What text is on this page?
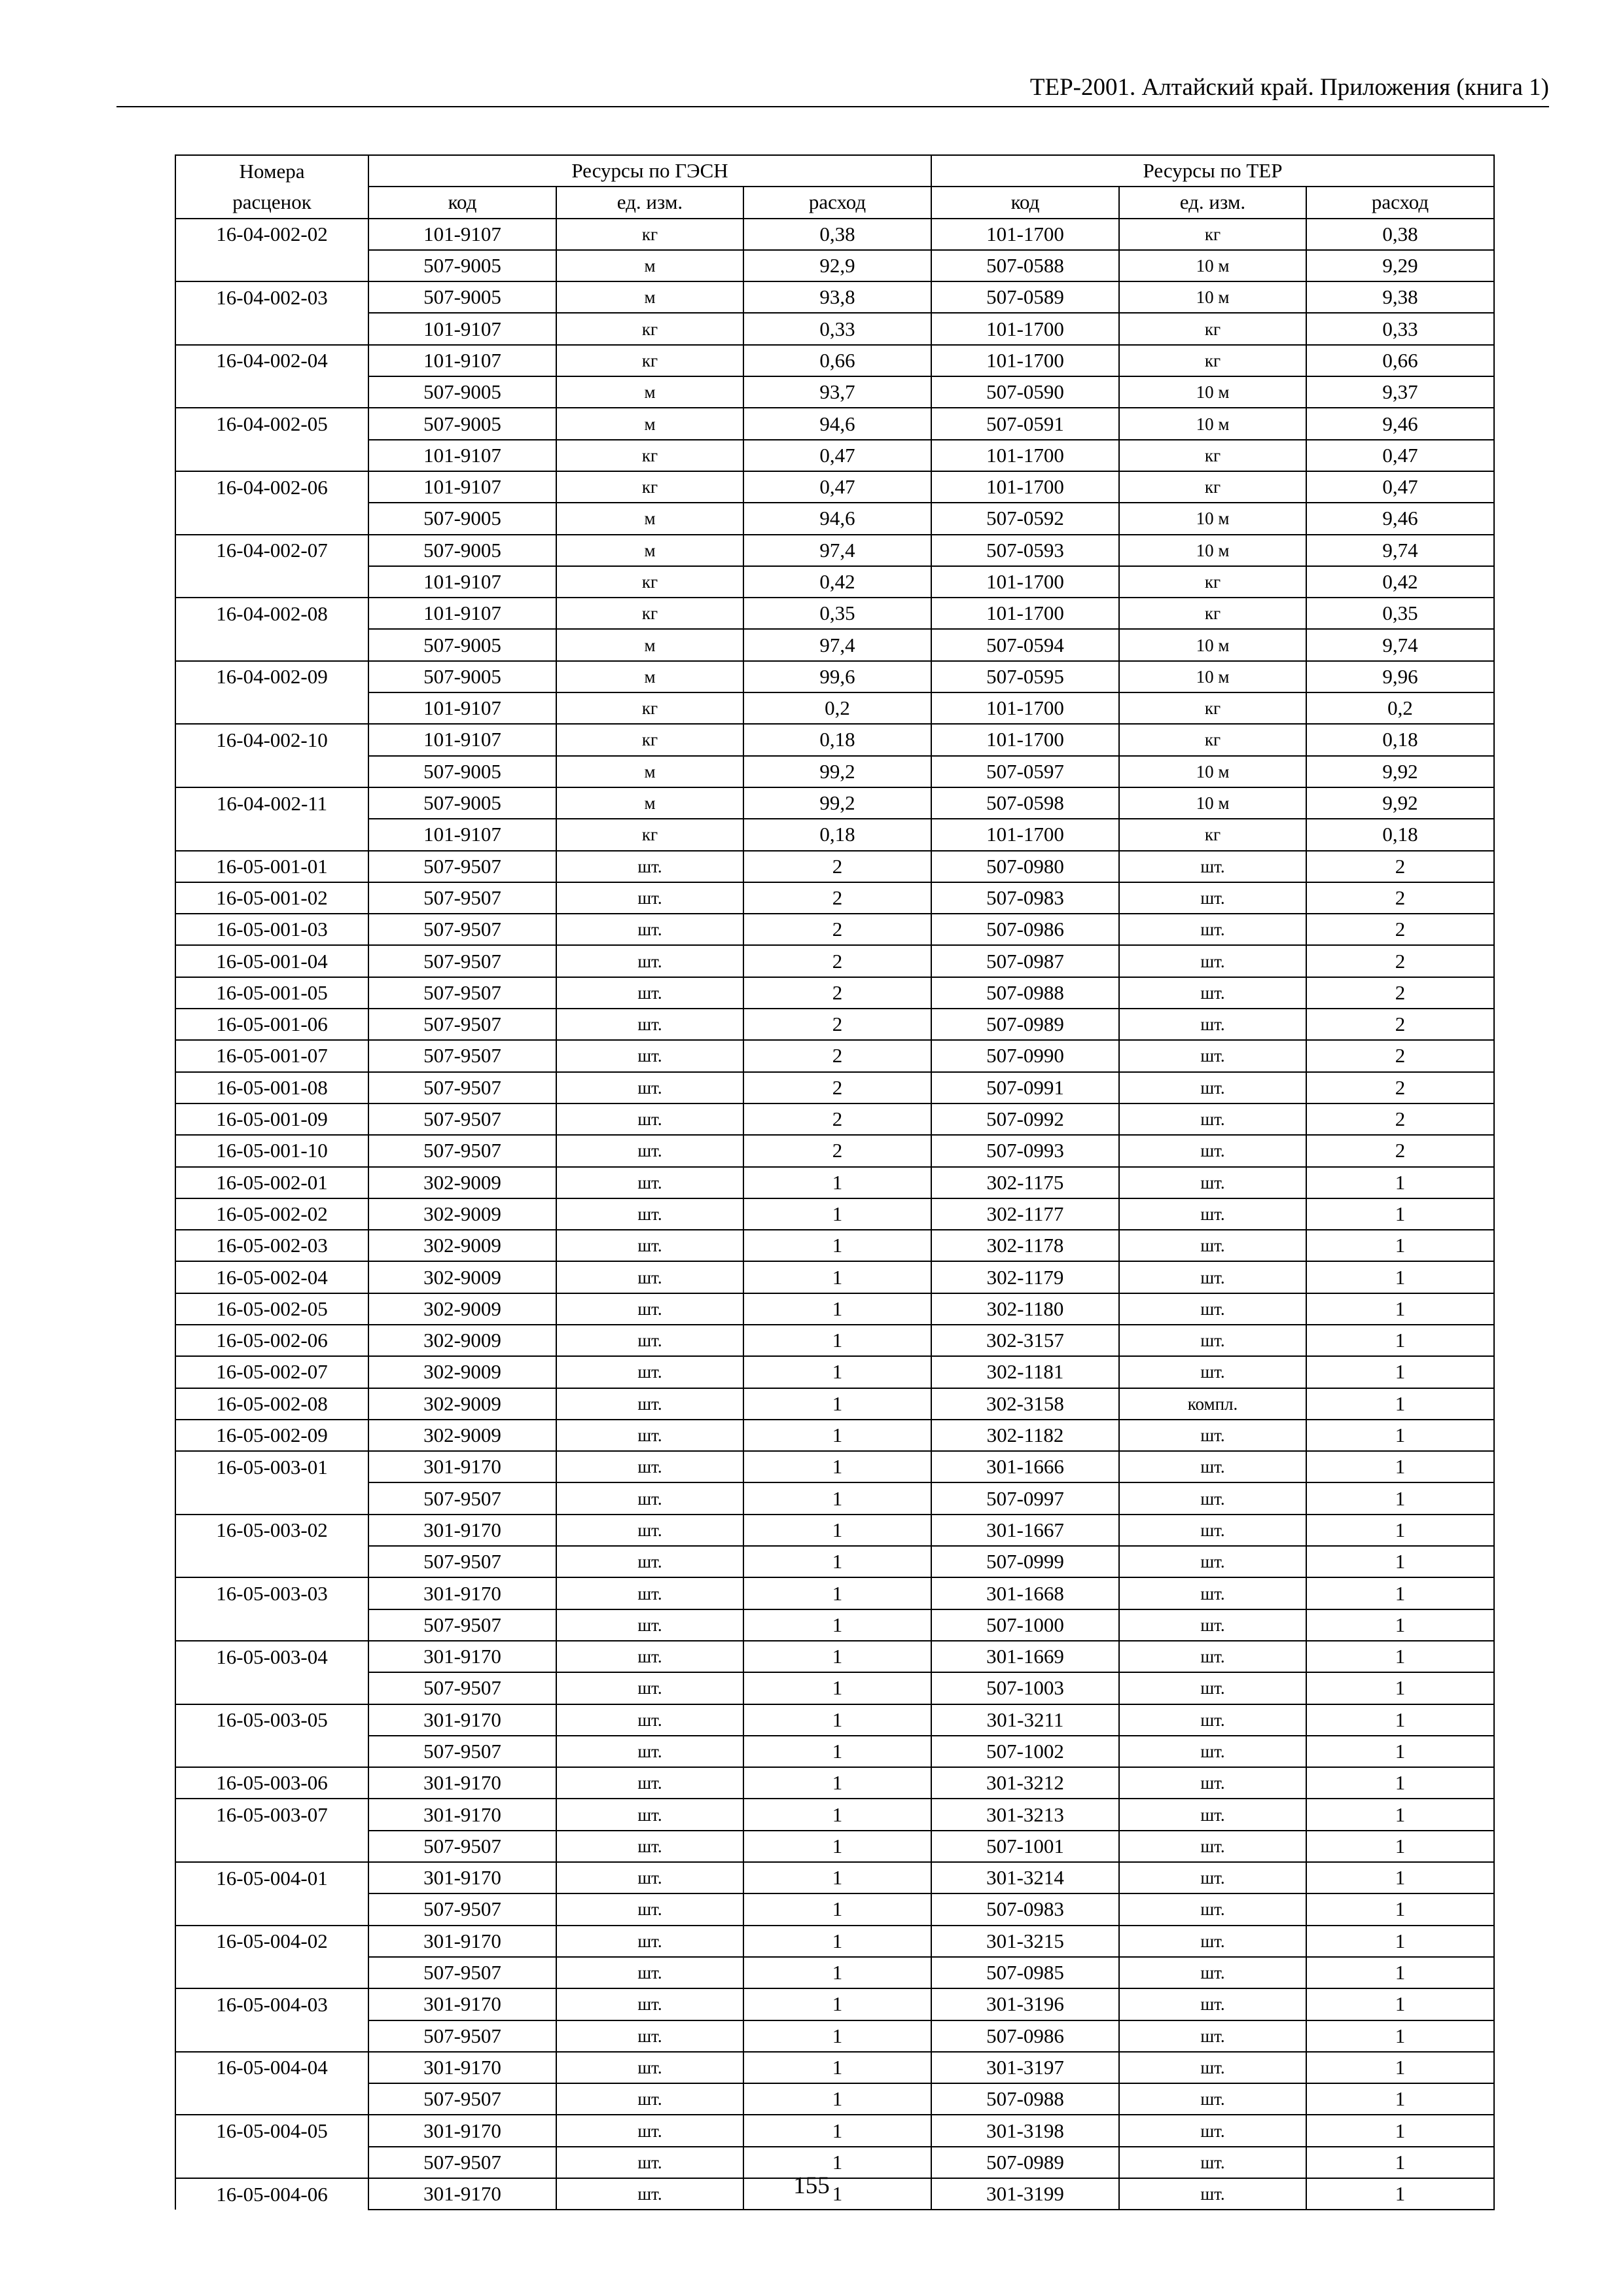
ТЕР-2001. Алтайский край. Приложения (книга 1)
Номера	Ресурсы по ГЭСН			Ресурсы по ТЕР		
расценок	код	ед. изм.	расход	код	ед. изм.	расход
16-04-002-02	101-9107	кг	0,38	101-1700	кг	0,38
	507-9005	м	92,9	507-0588	10 м	9,29
16-04-002-03	507-9005	м	93,8	507-0589	10 м	9,38
	101-9107	кг	0,33	101-1700	кг	0,33
16-04-002-04	101-9107	кг	0,66	101-1700	кг	0,66
	507-9005	м	93,7	507-0590	10 м	9,37
16-04-002-05	507-9005	м	94,6	507-0591	10 м	9,46
	101-9107	кг	0,47	101-1700	кг	0,47
16-04-002-06	101-9107	кг	0,47	101-1700	кг	0,47
	507-9005	м	94,6	507-0592	10 м	9,46
16-04-002-07	507-9005	м	97,4	507-0593	10 м	9,74
	101-9107	кг	0,42	101-1700	кг	0,42
16-04-002-08	101-9107	кг	0,35	101-1700	кг	0,35
	507-9005	м	97,4	507-0594	10 м	9,74
16-04-002-09	507-9005	м	99,6	507-0595	10 м	9,96
	101-9107	кг	0,2	101-1700	кг	0,2
16-04-002-10	101-9107	кг	0,18	101-1700	кг	0,18
	507-9005	м	99,2	507-0597	10 м	9,92
16-04-002-11	507-9005	м	99,2	507-0598	10 м	9,92
	101-9107	кг	0,18	101-1700	кг	0,18
16-05-001-01	507-9507	шт.	2	507-0980	шт.	2
16-05-001-02	507-9507	шт.	2	507-0983	шт.	2
16-05-001-03	507-9507	шт.	2	507-0986	шт.	2
16-05-001-04	507-9507	шт.	2	507-0987	шт.	2
16-05-001-05	507-9507	шт.	2	507-0988	шт.	2
16-05-001-06	507-9507	шт.	2	507-0989	шт.	2
16-05-001-07	507-9507	шт.	2	507-0990	шт.	2
16-05-001-08	507-9507	шт.	2	507-0991	шт.	2
16-05-001-09	507-9507	шт.	2	507-0992	шт.	2
16-05-001-10	507-9507	шт.	2	507-0993	шт.	2
16-05-002-01	302-9009	шт.	1	302-1175	шт.	1
16-05-002-02	302-9009	шт.	1	302-1177	шт.	1
16-05-002-03	302-9009	шт.	1	302-1178	шт.	1
16-05-002-04	302-9009	шт.	1	302-1179	шт.	1
16-05-002-05	302-9009	шт.	1	302-1180	шт.	1
16-05-002-06	302-9009	шт.	1	302-3157	шт.	1
16-05-002-07	302-9009	шт.	1	302-1181	шт.	1
16-05-002-08	302-9009	шт.	1	302-3158	компл.	1
16-05-002-09	302-9009	шт.	1	302-1182	шт.	1
16-05-003-01	301-9170	шт.	1	301-1666	шт.	1
	507-9507	шт.	1	507-0997	шт.	1
16-05-003-02	301-9170	шт.	1	301-1667	шт.	1
	507-9507	шт.	1	507-0999	шт.	1
16-05-003-03	301-9170	шт.	1	301-1668	шт.	1
	507-9507	шт.	1	507-1000	шт.	1
16-05-003-04	301-9170	шт.	1	301-1669	шт.	1
	507-9507	шт.	1	507-1003	шт.	1
16-05-003-05	301-9170	шт.	1	301-3211	шт.	1
	507-9507	шт.	1	507-1002	шт.	1
16-05-003-06	301-9170	шт.	1	301-3212	шт.	1
16-05-003-07	301-9170	шт.	1	301-3213	шт.	1
	507-9507	шт.	1	507-1001	шт.	1
16-05-004-01	301-9170	шт.	1	301-3214	шт.	1
	507-9507	шт.	1	507-0983	шт.	1
16-05-004-02	301-9170	шт.	1	301-3215	шт.	1
	507-9507	шт.	1	507-0985	шт.	1
16-05-004-03	301-9170	шт.	1	301-3196	шт.	1
	507-9507	шт.	1	507-0986	шт.	1
16-05-004-04	301-9170	шт.	1	301-3197	шт.	1
	507-9507	шт.	1	507-0988	шт.	1
16-05-004-05	301-9170	шт.	1	301-3198	шт.	1
	507-9507	шт.	1	507-0989	шт.	1
16-05-004-06	301-9170	шт.	1	301-3199	шт.	1
155
